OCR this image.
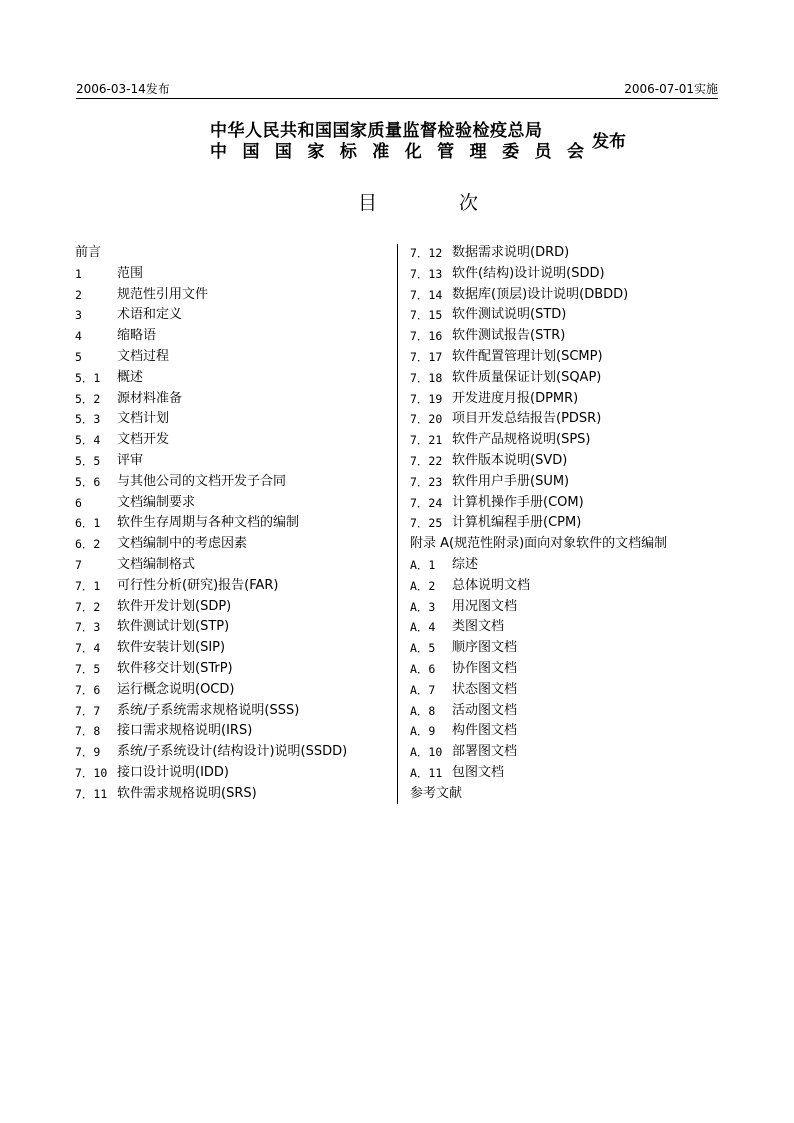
2006-03-14发布	2006-07-01实施
中华人民共和国国家质量监督检验检疫总局
中 国 国 家 标 准 化 管 理 委 员 会 发布
目 次
前言
1	范围
2	规范性引用文件
3	术语和定义
4	缩略语
5	文档过程
5．1 概述
5．2 源材料准备
5．3 文档计划
5．4 文档开发
5．5 评审
5．6 与其他公司的文档开发子合同
6	文档编制要求
6．1 软件生存周期与各种文档的编制
6．2 文档编制中的考虑因素
7	文档编制格式
7．1 可行性分析(研究)报告(FAR)
7．2 软件开发计划(SDP)
7．3 软件测试计划(STP)
7．4 软件安装计划(SIP)
7．5 软件移交计划(STrP)
7．6 运行概念说明(OCD)
7．7 系统/子系统需求规格说明(SSS)
7．8 接口需求规格说明(IRS)
7．9 系统/子系统设计(结构设计)说明(SSDD)
7．10 接口设计说明(IDD)
7．11 软件需求规格说明(SRS)
7．12 数据需求说明(DRD)
7．13 软件(结构)设计说明(SDD)
7．14 数据库(顶层)设计说明(DBDD)
7．15 软件测试说明(STD)
7．16 软件测试报告(STR)
7．17 软件配置管理计划(SCMP)
7．18 软件质量保证计划(SQAP)
7．19 开发进度月报(DPMR)
7．20 项目开发总结报告(PDSR)
7．21 软件产品规格说明(SPS)
7．22 软件版本说明(SVD)
7．23 软件用户手册(SUM)
7．24 计算机操作手册(COM)
7．25 计算机编程手册(CPM)
附录 A(规范性附录)面向对象软件的文档编制
A．1 综述
A．2 总体说明文档
A．3 用况图文档
A．4 类图文档
A．5 顺序图文档
A．6 协作图文档
A．7 状态图文档
A．8 活动图文档
A．9 构件图文档
A．10 部署图文档
A．11 包图文档
参考文献
